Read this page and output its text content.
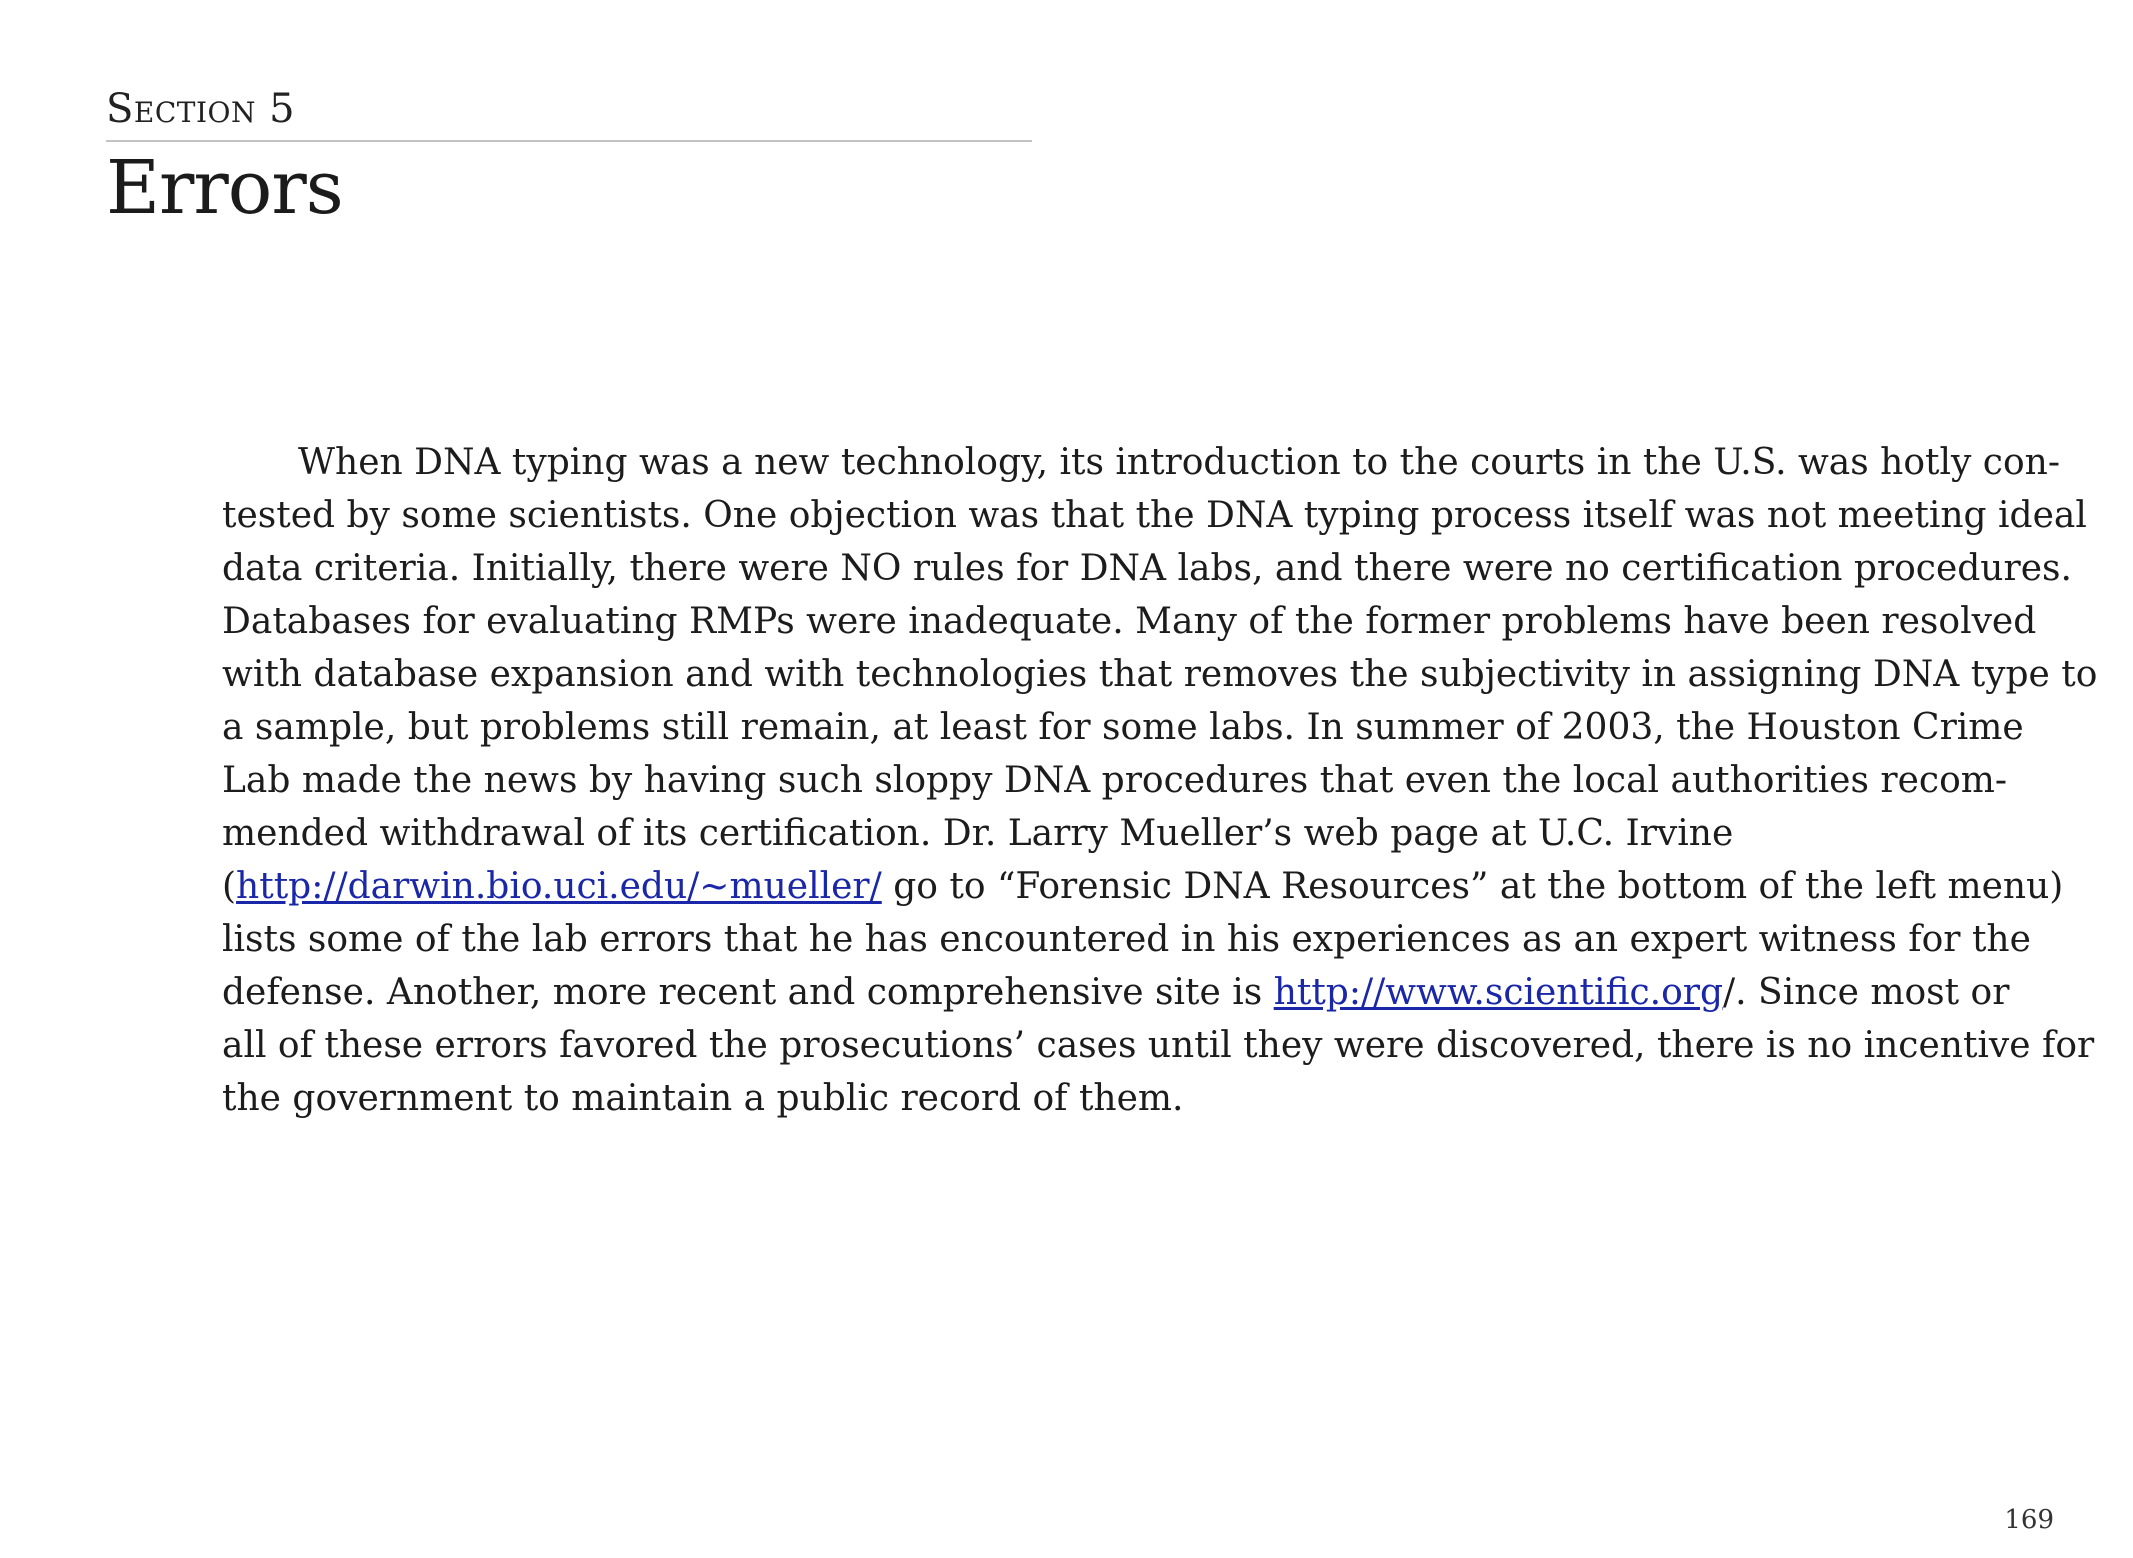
Section 5
Errors
When DNA typing was a new technology, its introduction to the courts in the U.S. was hotly con-
tested by some scientists. One objection was that the DNA typing process itself was not meeting ideal
data criteria. Initially, there were NO rules for DNA labs, and there were no certification procedures.
Databases for evaluating RMPs were inadequate. Many of the former problems have been resolved
with database expansion and with technologies that removes the subjectivity in assigning DNA type to
a sample, but problems still remain, at least for some labs. In summer of 2003, the Houston Crime
Lab made the news by having such sloppy DNA procedures that even the local authorities recom-
mended withdrawal of its certification. Dr. Larry Mueller’s web page at U.C. Irvine
(http://darwin.bio.uci.edu/~mueller/ go to “Forensic DNA Resources” at the bottom of the left menu)
lists some of the lab errors that he has encountered in his experiences as an expert witness for the
defense. Another, more recent and comprehensive site is http://www.scientific.org/. Since most or
all of these errors favored the prosecutions’ cases until they were discovered, there is no incentive for
the government to maintain a public record of them.
169
